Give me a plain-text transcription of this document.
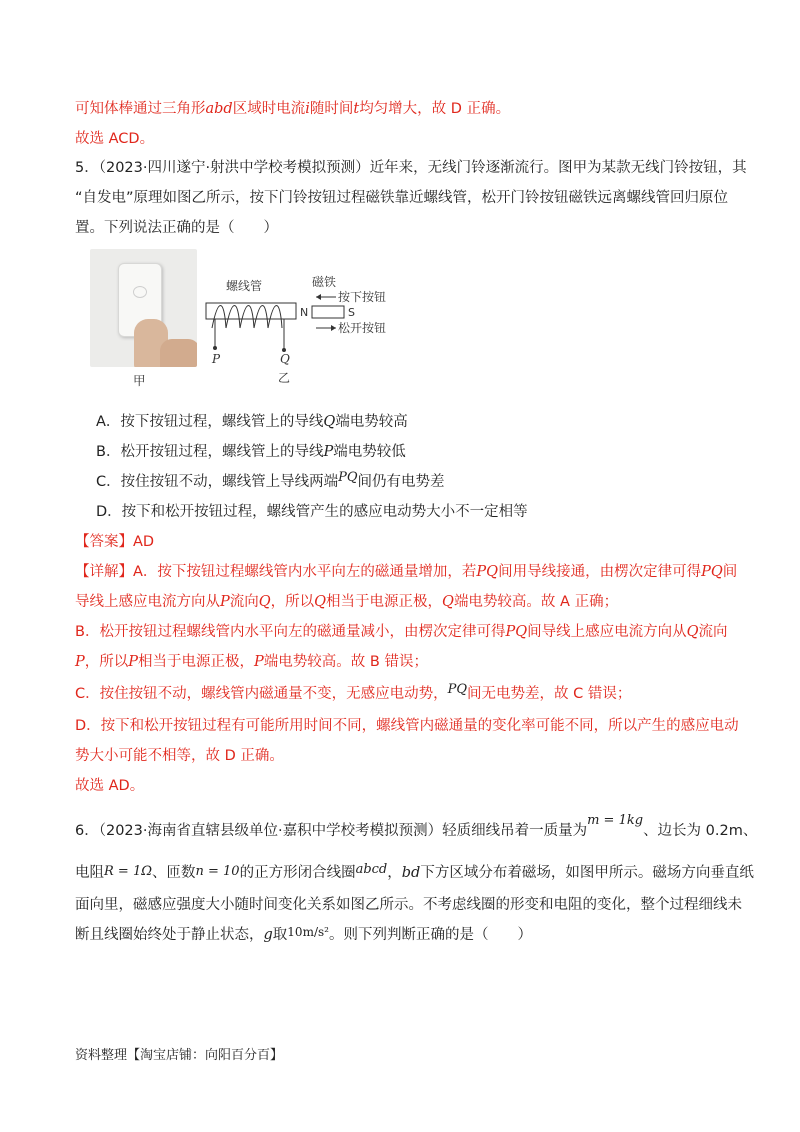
可知体棒通过三角形abd区域时电流i随时间t均匀增大，故 D 正确。
故选 ACD。
5．（2023·四川遂宁·射洪中学校考模拟预测）近年来，无线门铃逐渐流行。图甲为某款无线门铃按钮，其
“自发电”原理如图乙所示，按下门铃按钮过程磁铁靠近螺线管，松开门铃按钮磁铁远离螺线管回归原位
置。下列说法正确的是（　　）
甲
螺线管
N	S
磁铁
按下按钮
松开按钮
P	Q
乙
A．按下按钮过程，螺线管上的导线Q端电势较高
B．松开按钮过程，螺线管上的导线P端电势较低
C．按住按钮不动，螺线管上导线两端PQ间仍有电势差
D．按下和松开按钮过程，螺线管产生的感应电动势大小不一定相等
【答案】AD
【详解】A．按下按钮过程螺线管内水平向左的磁通量增加，若PQ间用导线接通，由楞次定律可得PQ间
导线上感应电流方向从P流向Q，所以Q相当于电源正极，Q端电势较高。故 A 正确；
B．松开按钮过程螺线管内水平向左的磁通量减小，由楞次定律可得PQ间导线上感应电流方向从Q流向
P，所以P相当于电源正极，P端电势较高。故 B 错误；
C．按住按钮不动，螺线管内磁通量不变，无感应电动势，PQ间无电势差，故 C 错误；
D．按下和松开按钮过程有可能所用时间不同，螺线管内磁通量的变化率可能不同，所以产生的感应电动
势大小可能不相等，故 D 正确。
故选 AD。
6．（2023·海南省直辖县级单位·嘉积中学校考模拟预测）轻质细线吊着一质量为m = 1kg、边长为 0.2m、
电阻R = 1Ω、匝数n = 10的正方形闭合线圈abcd，bd下方区域分布着磁场，如图甲所示。磁场方向垂直纸
面向里，磁感应强度大小随时间变化关系如图乙所示。不考虑线圈的形变和电阻的变化，整个过程细线未
断且线圈始终处于静止状态，g取$^{10m/s^2}$。则下列判断正确的是（　　）
资料整理【淘宝店铺：向阳百分百】
